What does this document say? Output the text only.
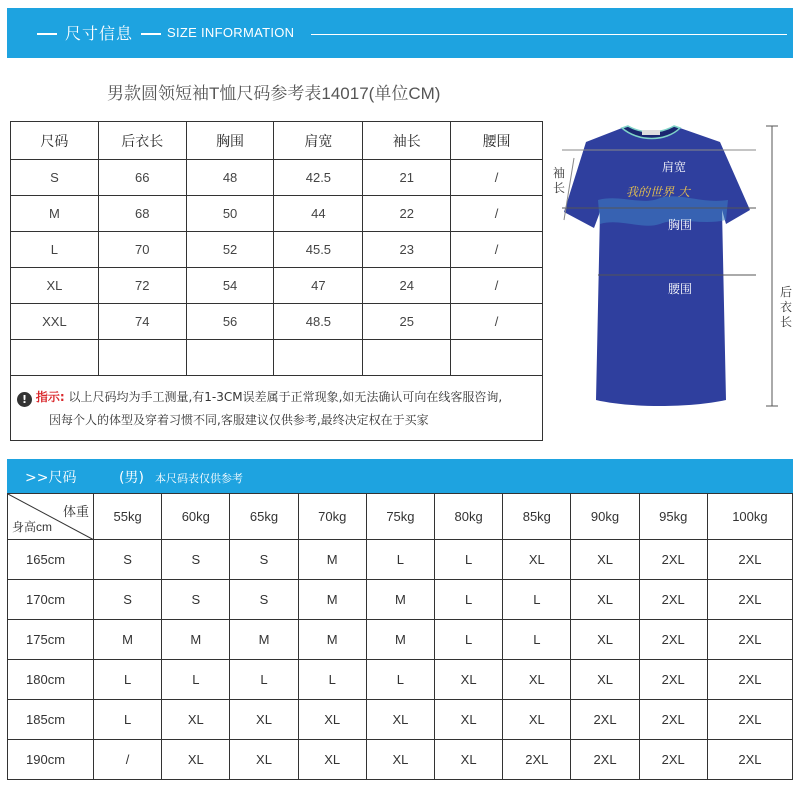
尺寸信息	SIZE INFORMATION
男款圆领短袖T恤尺码参考表14017(单位CM)
尺码	后衣长	胸围	肩宽	袖长	腰围
S	66	48	42.5	21	/
M	68	50	44	22	/
L	70	52	45.5	23	/
XL	72	54	47	24	/
XXL	74	56	48.5	25	/

! 指示: 以上尺码均为手工测量,有1-3CM误差属于正常现象,如无法确认可向在线客服咨询,
因每个人的体型及穿着习惯不同,客服建议仅供参考,最终决定权在于买家
我的世界 大
肩宽
胸围
腰围
袖长
后衣长
>>尺码	(男) 本尺码表仅供参考
体重
身高cm	55kg	60kg	65kg	70kg	75kg	80kg	85kg	90kg	95kg	100kg
165cm	S	S	S	M	L	L	XL	XL	2XL	2XL
170cm	S	S	S	M	M	L	L	XL	2XL	2XL
175cm	M	M	M	M	M	L	L	XL	2XL	2XL
180cm	L	L	L	L	L	XL	XL	XL	2XL	2XL
185cm	L	XL	XL	XL	XL	XL	XL	2XL	2XL	2XL
190cm	/	XL	XL	XL	XL	XL	2XL	2XL	2XL	2XL
